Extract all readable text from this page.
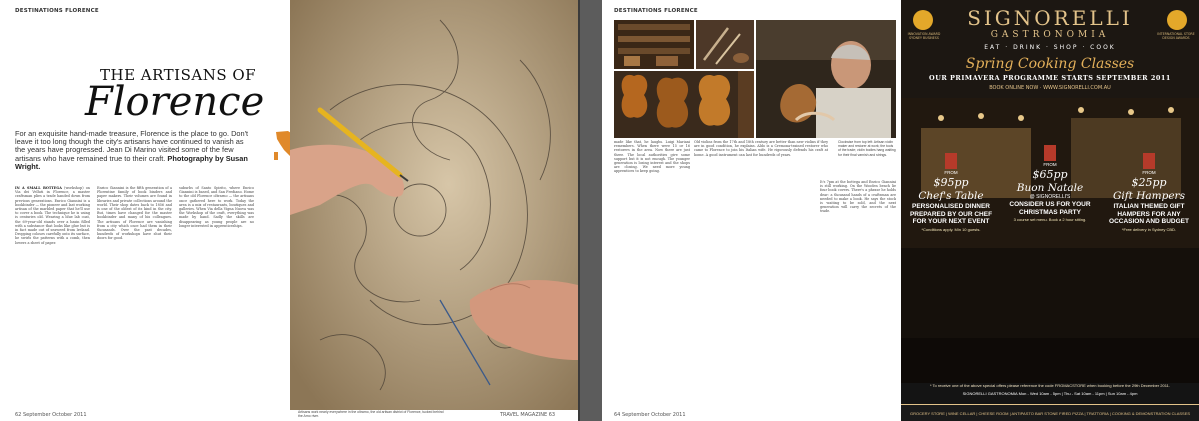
DESTINATIONS FLORENCE
THE ARTISANS OF
Florence
For an exquisite hand-made treasure, Florence is the place to go. Don't leave it too long though the city's artisans have continued to vanish as the years have progressed. Jean Di Marino visited some of the few artisans who have remained true to their craft. Photography by Susan Wright.
IN A SMALL BOTTEGA (workshop) on Via dei Velluti in Florence, a master craftsman plies a trade handed down from previous generations. Enrico Giannini is a bookbinder — the pioneer and last working artisan of the marbled paper that he'll use to cover a book. The technique he is using is centuries old. Wearing a blue lab coat, the 69-year-old stands over a basin filled with a substance that looks like glue but is in fact made out of seaweed from Ireland. Dropping colours carefully onto its surface, he swirls the patterns with a comb, then lowers a sheet of paper.
Enrico Giannini is the fifth generation of a Florentine family of book binders and paper makers. Their volumes are found in libraries and private collections around the world. Their shop dates back to 1856 and is one of the oldest of its kind in the city. But, times have changed for the master bookbinder and many of his colleagues. The artisans of Florence are vanishing from a city which once had them in their thousands. Over the past decades, hundreds of workshops have shut their doors for good.
suburbs of Santo Spirito, where Enrico Giannini is based, and San Frediano. Home to the old Florence oltrarno — the artisans once gathered here to work. Today the area is a mix of restaurants, boutiques and galleries. When Via della Vigna Nuova was the Workshop of the craft, everything was made by hand. Sadly the skills are disappearing as young people are no longer interested in apprenticeships.
62 September October 2011	Artisans work nearly everywhere in the oltrarno, the old artisan district of Florence, tucked behind the Arno river.	TRAVEL MAGAZINE 63
DESTINATIONS FLORENCE
Clockwise from top left: Artisan violin maker and restorer at work; the tools of the trade; violin bodies hang waiting for their final varnish and strings.
made like that, he laughs. Luigi Mariani remembers. When there were 15 or 16 restorers in the area. Now there are just three. The local authorities give some support but it is not enough. The younger generation is losing interest and the shops are closing. We need more young apprentices to keep going.
Old violins from the 17th and 18th century are better than new violins if they are in good condition, he explains. Aldo is a Cremona-trained restorer who came to Florence to join his Italian wife. He rigorously defends his craft at home. A good instrument can last for hundreds of years.
It's 7pm at the bottega and Enrico Giannini is still working. On the Wooden bench lie four book covers. There's a phrase he holds dear: a thousand hands of a craftsman are needed to make a book. He says the stock is waiting to be sold, and the next generation will carry the secrets of the trade.
64 September October 2011
INNOVATION AWARD SYDNEY BUSINESS
INTERNATIONAL STORE DESIGN AWARDS
SIGNORELLI
GASTRONOMIA
EAT · DRINK · SHOP · COOK
Spring Cooking Classes
OUR PRIMAVERA PROGRAMME STARTS SEPTEMBER 2011
BOOK ONLINE NOW · WWW.SIGNORELLI.COM.AU
FROM
$95pp
Chef's Table
PERSONALISED DINNER PREPARED BY OUR CHEF FOR YOUR NEXT EVENT
*Conditions apply. Min 10 guests.
FROM
$65pp
Buon Natale
@ SIGNORELLI'S
CONSIDER US FOR YOUR CHRISTMAS PARTY
3 course set menu. Book a 2 hour sitting.
FROM
$25pp
Gift Hampers
ITALIAN THEMED GIFT HAMPERS FOR ANY OCCASION AND BUDGET
*Free delivery in Sydney CBD.
* To receive one of the above special offers please reference the code FRGMACSTORE when booking before the 29th December 2011.
SIGNORELLI GASTRONOMIA Mon - Wed 10am - 5pm | Thu - Sat 10am - 11pm | Sun 10am - 4pm
GROCERY STORE | WINE CELLAR | CHEESE ROOM | ANTIPASTO BAR STONE FIRED PIZZA | TRATTORIA | COOKING & DEMONSTRATION CLASSES
